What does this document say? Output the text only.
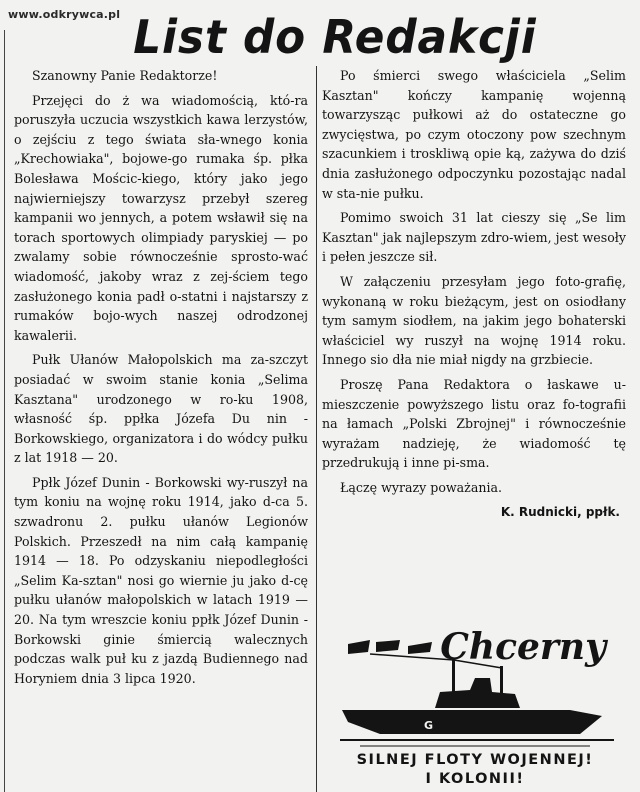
www.odkrywca.pl List do Redakcji

Szanowny Panie Redaktorze!

Przejęci do ż wa wiadomością, któ-ra poruszyła uczucia wszystkich kawa lerzystów, o zejściu z tego świata sła-wnego konia „Krechowiaka", bojowe-go rumaka śp. płka Bolesława Mościc-kiego, który jako jego najwierniejszy towarzysz przebył szereg kampanii wo jennych, a potem wsławił się na torach sportowych olimpiady paryskiej — po zwalamy sobie równocześnie sprosto-wać wiadomość, jakoby wraz z zej-ściem tego zasłużonego konia padł o-statni i najstarszy z rumaków bojo-wych naszej odrodzonej kawalerii.

Pułk Ułanów Małopolskich ma za-szczyt posiadać w swoim stanie konia „Selima Kasztana" urodzonego w ro-ku 1908, własność śp. ppłka Józefa Du nin - Borkowskiego, organizatora i do wódcy pułku z lat 1918 — 20.

Ppłk Józef Dunin - Borkowski wy-ruszył na tym koniu na wojnę roku 1914, jako d-ca 5. szwadronu 2. pułku ułanów Legionów Polskich. Przeszedł na nim całą kampanię 1914 — 18. Po odzyskaniu niepodległości „Selim Ka-sztan" nosi go wiernie ju jako d-cę pułku ułanów małopolskich w latach 1919 — 20. Na tym wreszcie koniu ppłk Józef Dunin - Borkowski ginie śmiercią walecznych podczas walk puł ku z jazdą Budiennego nad Horyniem dnia 3 lipca 1920.

Po śmierci swego właściciela „Selim Kasztan" kończy kampanię wojenną towarzysząc pułkowi aż do ostateczne go zwycięstwa, po czym otoczony pow szechnym szacunkiem i troskliwą opie ką, zażywa do dziś dnia zasłużonego odpoczynku pozostając nadal w sta-nie pułku.

Pomimo swoich 31 lat cieszy się „Se lim Kasztan" jak najlepszym zdro-wiem, jest wesoły i pełen jeszcze sił.

W załączeniu przesyłam jego foto-grafię, wykonaną w roku bieżącym, jest on osiodłany tym samym siodłem, na jakim jego bohaterski właściciel wy ruszył na wojnę 1914 roku. Innego sio dła nie miał nigdy na grzbiecie.

Proszę Pana Redaktora o łaskawe u-mieszczenie powyższego listu oraz fo-tografii na łamach „Polski Zbrojnej" i równocześnie wyrażam nadzieję, że wiadomość tę przedrukują i inne pi-sma.

Łączę wyrazy poważania.

K. Rudnicki, ppłk.
G
Chcerny
SILNEJ FLOTY WOJENNEJ!
I KOLONII!
